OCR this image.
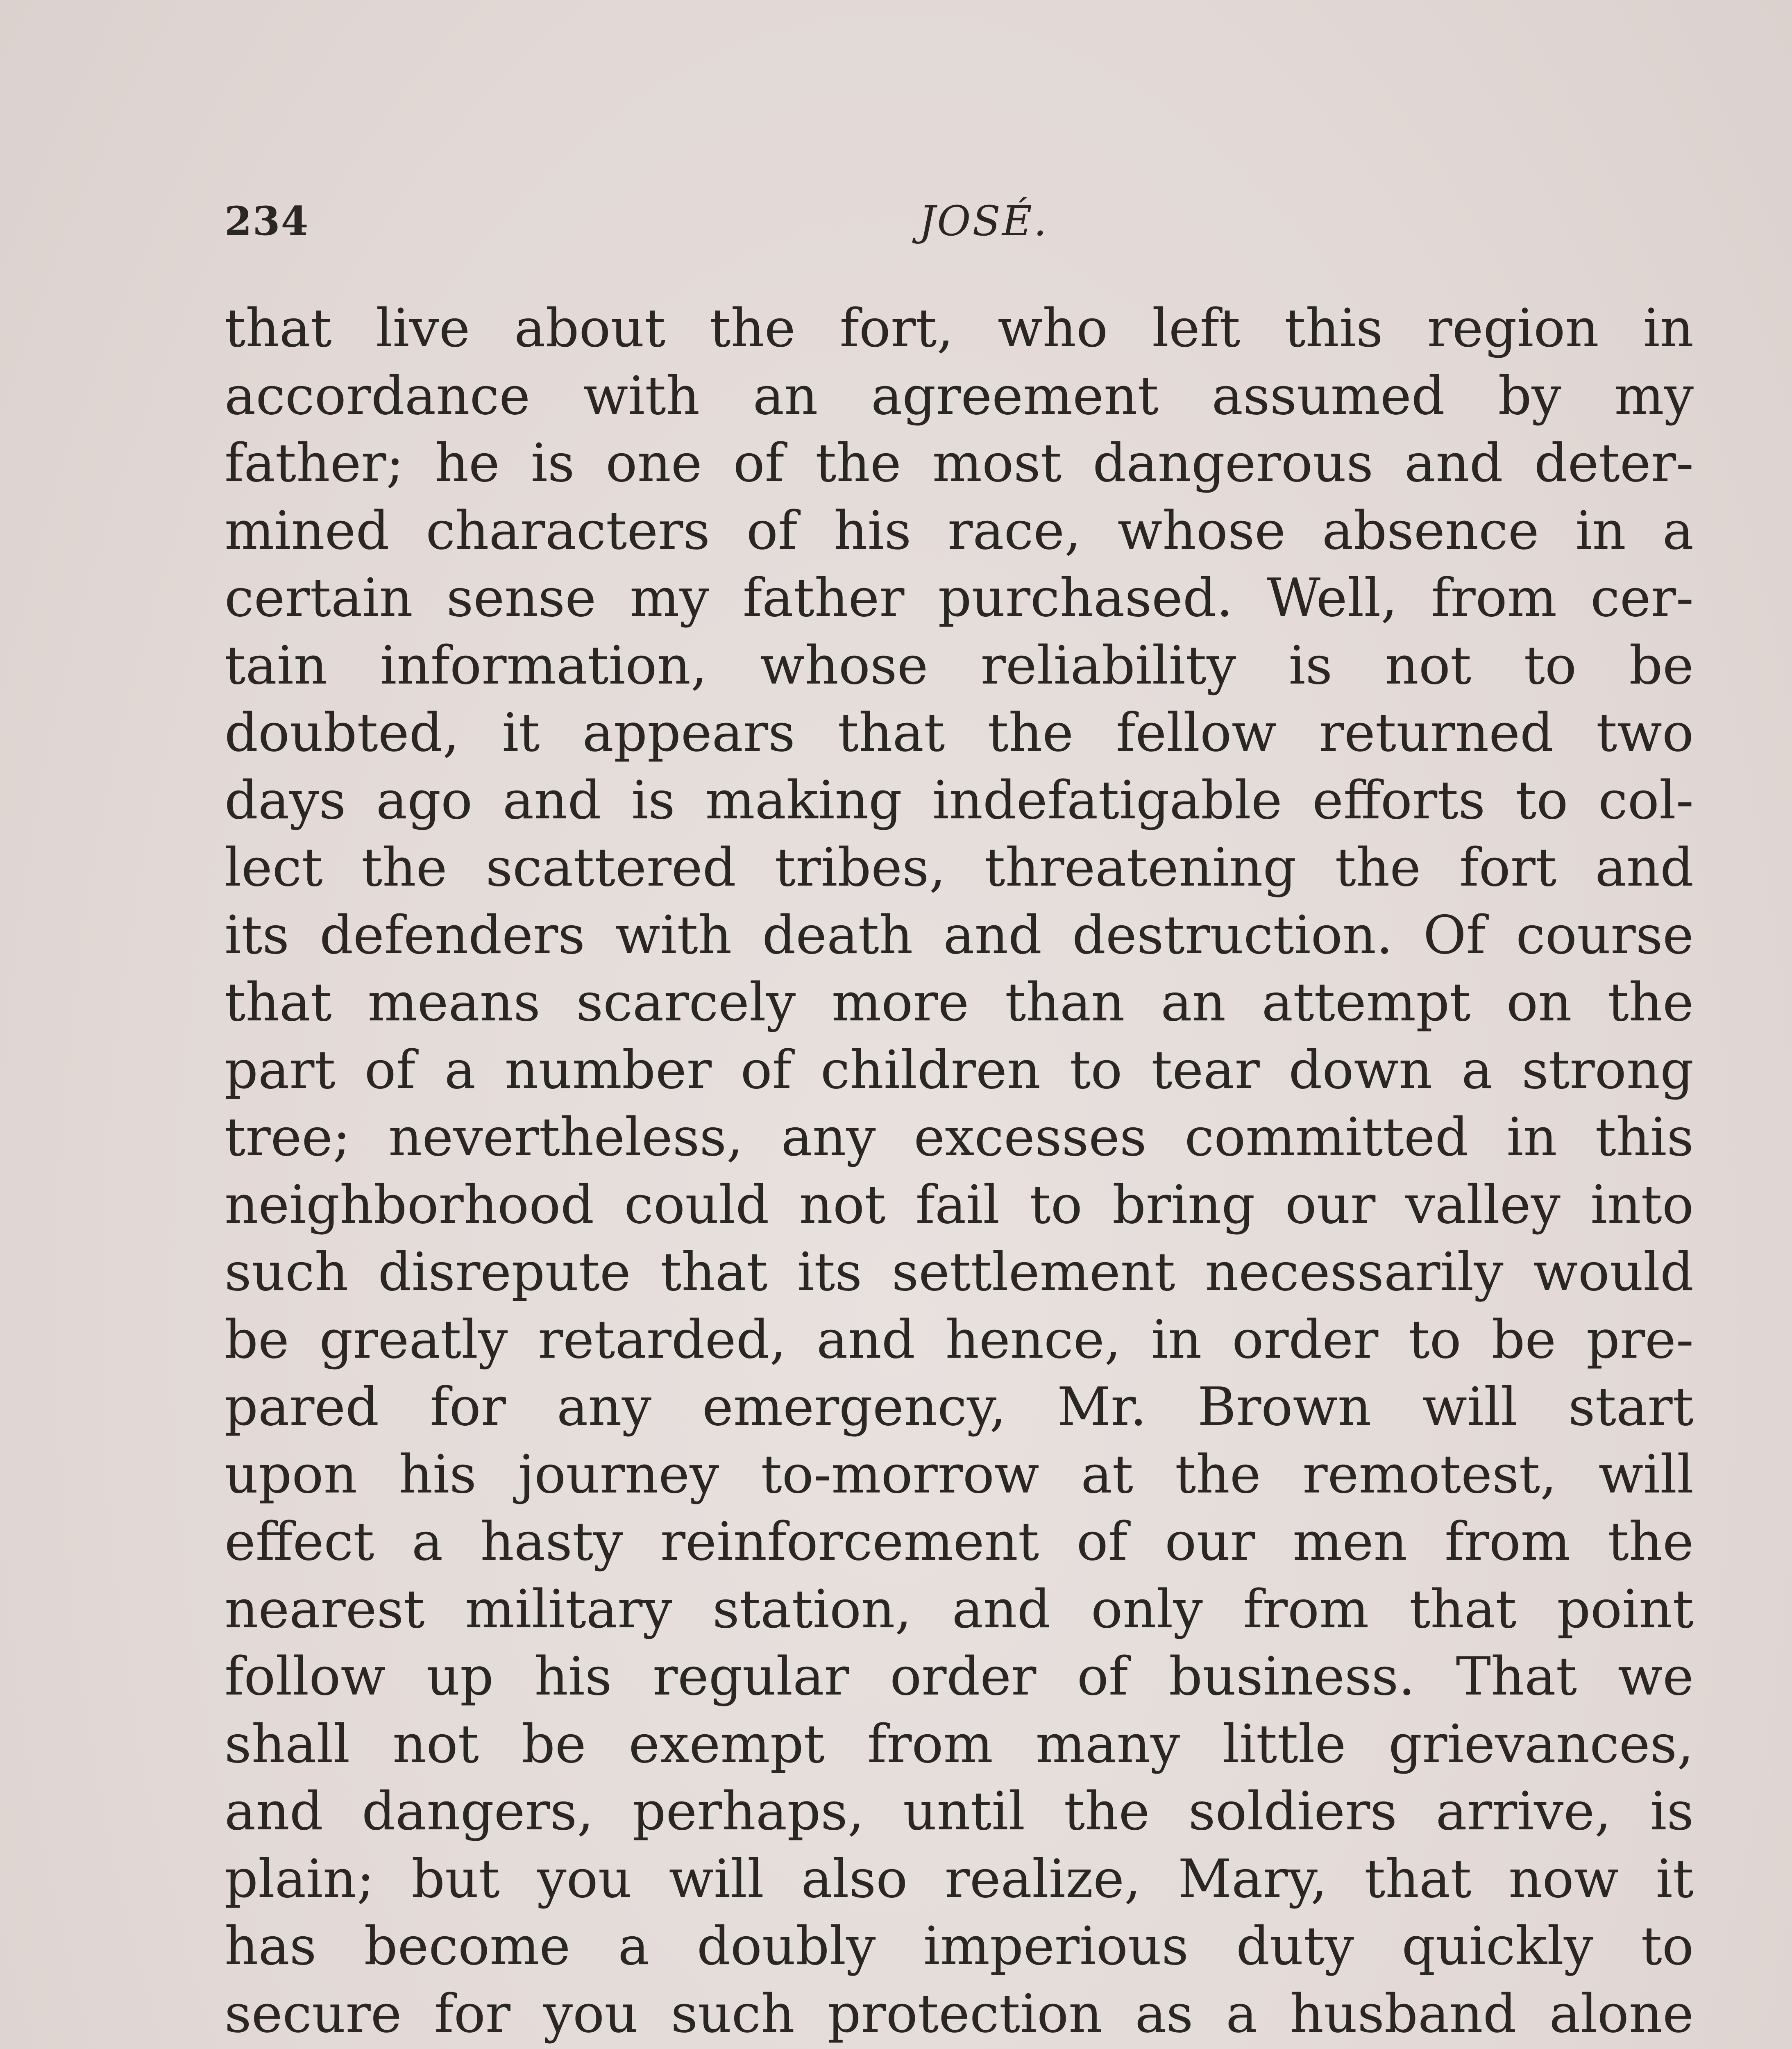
234	JOSÉ.
that live about the fort, who left this region in
accordance with an agreement assumed by my
father; he is one of the most dangerous and deter-
mined characters of his race, whose absence in a
certain sense my father purchased. Well, from cer-
tain information, whose reliability is not to be
doubted, it appears that the fellow returned two
days ago and is making indefatigable efforts to col-
lect the scattered tribes, threatening the fort and
its defenders with death and destruction. Of course
that means scarcely more than an attempt on the
part of a number of children to tear down a strong
tree; nevertheless, any excesses committed in this
neighborhood could not fail to bring our valley into
such disrepute that its settlement necessarily would
be greatly retarded, and hence, in order to be pre-
pared for any emergency, Mr. Brown will start
upon his journey to-morrow at the remotest, will
effect a hasty reinforcement of our men from the
nearest military station, and only from that point
follow up his regular order of business. That we
shall not be exempt from many little grievances,
and dangers, perhaps, until the soldiers arrive, is
plain; but you will also realize, Mary, that now it
has become a doubly imperious duty quickly to
secure for you such protection as a husband alone
